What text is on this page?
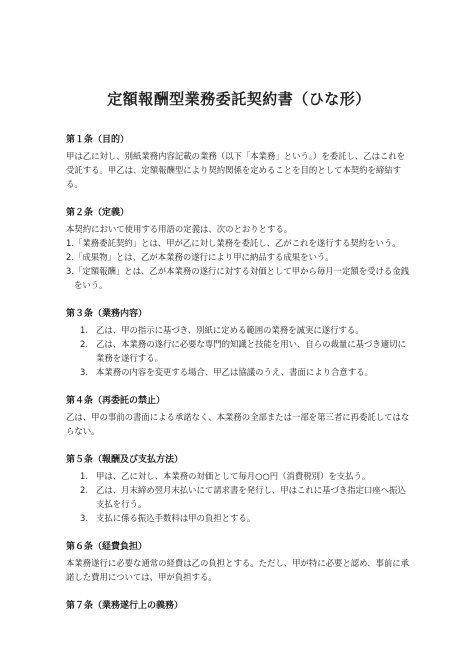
定額報酬型業務委託契約書（ひな形）
第１条（目的）

甲は乙に対し、別紙業務内容記載の業務（以下「本業務」という。）を委託し、乙はこれを受託する。甲乙は、定額報酬型により契約関係を定めることを目的として本契約を締結する。

第２条（定義）

本契約において使用する用語の定義は、次のとおりとする。

1. 「業務委託契約」とは、甲が乙に対し業務を委託し、乙がこれを遂行する契約をいう。
2. 「成果物」とは、乙が本業務の遂行により甲に納品する成果をいう。
3. 「定額報酬」とは、乙が本業務の遂行に対する対価として甲から毎月一定額を受ける金銭をいう。
第３条（業務内容）
1. 乙は、甲の指示に基づき、別紙に定める範囲の業務を誠実に遂行する。
2. 乙は、本業務の遂行に必要な専門的知識と技能を用い、自らの裁量に基づき適切に業務を遂行する。
3. 本業務の内容を変更する場合、甲乙は協議のうえ、書面により合意する。
第４条（再委託の禁止）

乙は、甲の事前の書面による承諾なく、本業務の全部または一部を第三者に再委託してはならない。

第５条（報酬及び支払方法）
1. 甲は、乙に対し、本業務の対価として毎月○○円（消費税別）を支払う。
2. 乙は、月末締め翌月末払いにて請求書を発行し、甲はこれに基づき指定口座へ振込支払を行う。
3. 支払に係る振込手数料は甲の負担とする。
第６条（経費負担）

本業務遂行に必要な通常の経費は乙の負担とする。ただし、甲が特に必要と認め、事前に承諾した費用については、甲が負担する。

第７条（業務遂行上の義務）
